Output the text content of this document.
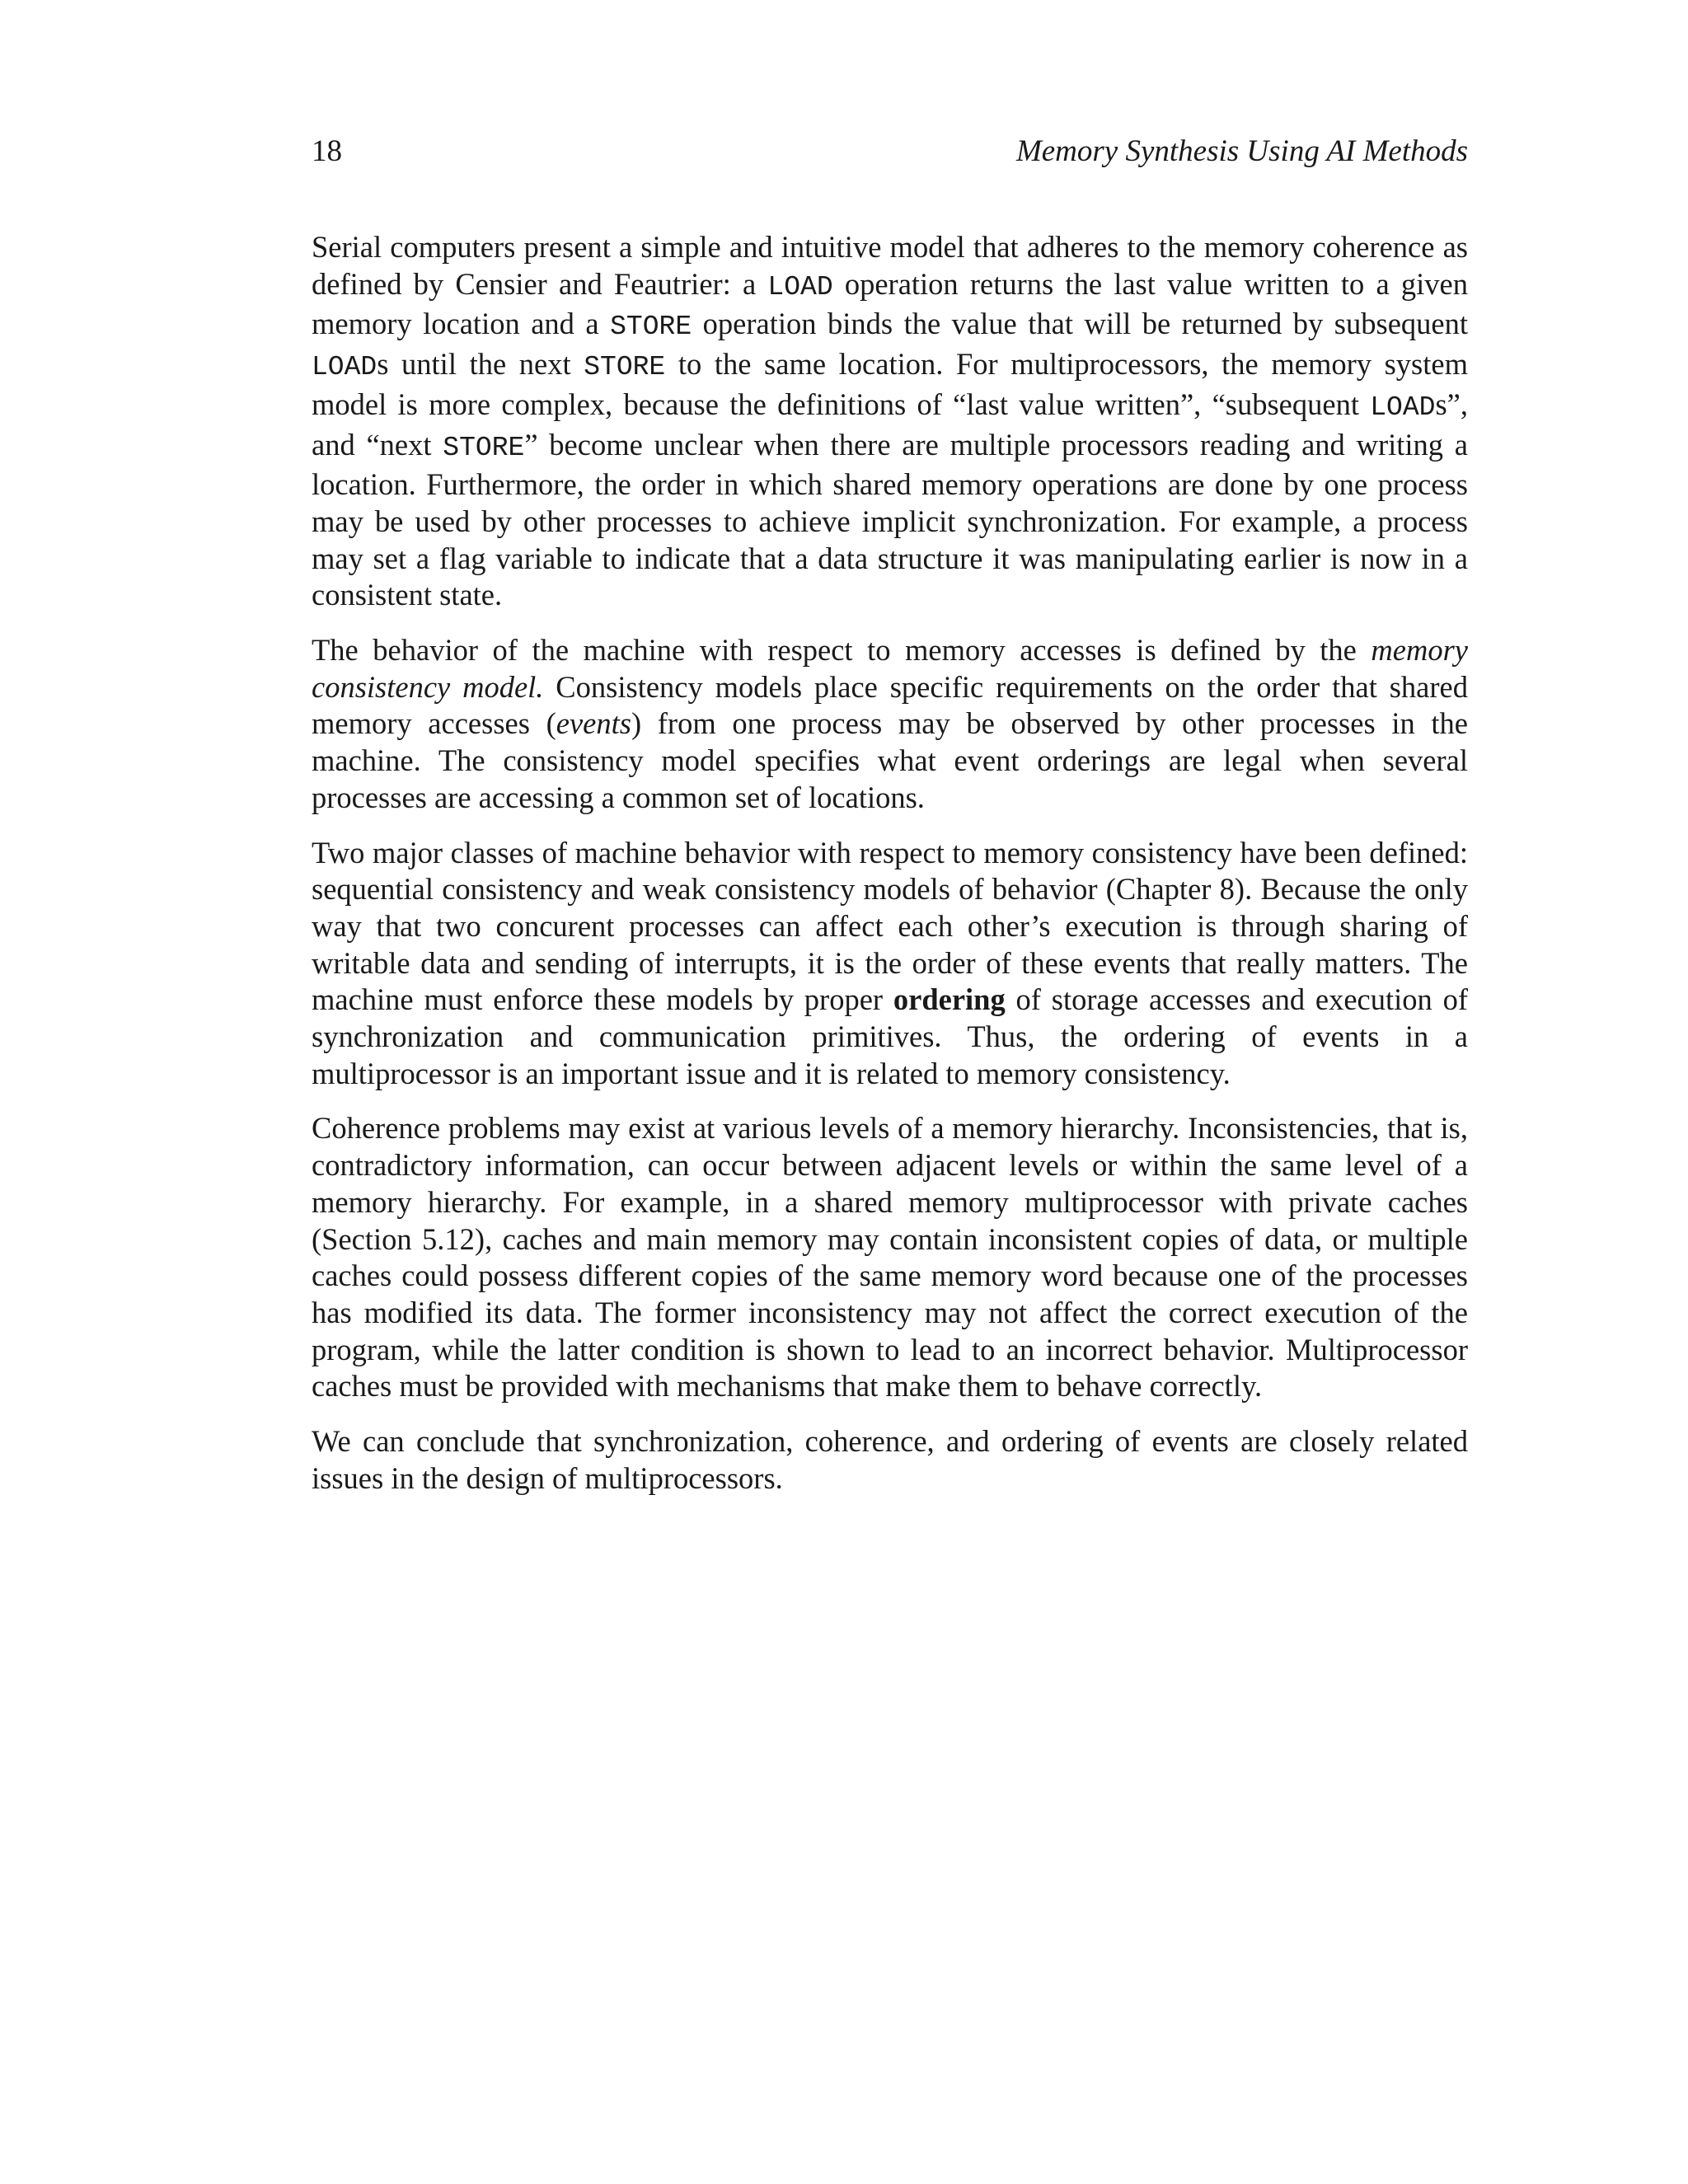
18	Memory Synthesis Using AI Methods

Serial computers present a simple and intuitive model that adheres to the memory coherence as defined by Censier and Feautrier: a LOAD operation returns the last value written to a given memory location and a STORE operation binds the value that will be returned by subsequent LOADs until the next STORE to the same location. For multiprocessors, the memory system model is more complex, because the definitions of “last value written”, “subsequent LOADs”, and “next STORE” become unclear when there are multiple processors reading and writing a location. Furthermore, the order in which shared memory operations are done by one process may be used by other processes to achieve implicit synchronization. For example, a process may set a flag variable to indicate that a data structure it was manipulating earlier is now in a consistent state.

The behavior of the machine with respect to memory accesses is defined by the memory consistency model. Consistency models place specific requirements on the order that shared memory accesses (events) from one process may be observed by other processes in the machine. The consistency model specifies what event orderings are legal when several processes are accessing a common set of locations.

Two major classes of machine behavior with respect to memory consistency have been defined: sequential consistency and weak consistency models of behavior (Chapter 8). Because the only way that two concurent processes can affect each other’s execution is through sharing of writable data and sending of interrupts, it is the order of these events that really matters. The machine must enforce these models by proper ordering of storage accesses and execution of synchronization and communication primitives. Thus, the ordering of events in a multiprocessor is an important issue and it is related to memory consistency.

Coherence problems may exist at various levels of a memory hierarchy. Inconsistencies, that is, contradictory information, can occur between adjacent levels or within the same level of a memory hierarchy. For example, in a shared memory multiprocessor with private caches (Section 5.12), caches and main memory may contain inconsistent copies of data, or multiple caches could possess different copies of the same memory word because one of the processes has modified its data. The former inconsistency may not affect the correct execution of the program, while the latter condition is shown to lead to an incorrect behavior. Multiprocessor caches must be provided with mechanisms that make them to behave correctly.

We can conclude that synchronization, coherence, and ordering of events are closely related issues in the design of multiprocessors.
